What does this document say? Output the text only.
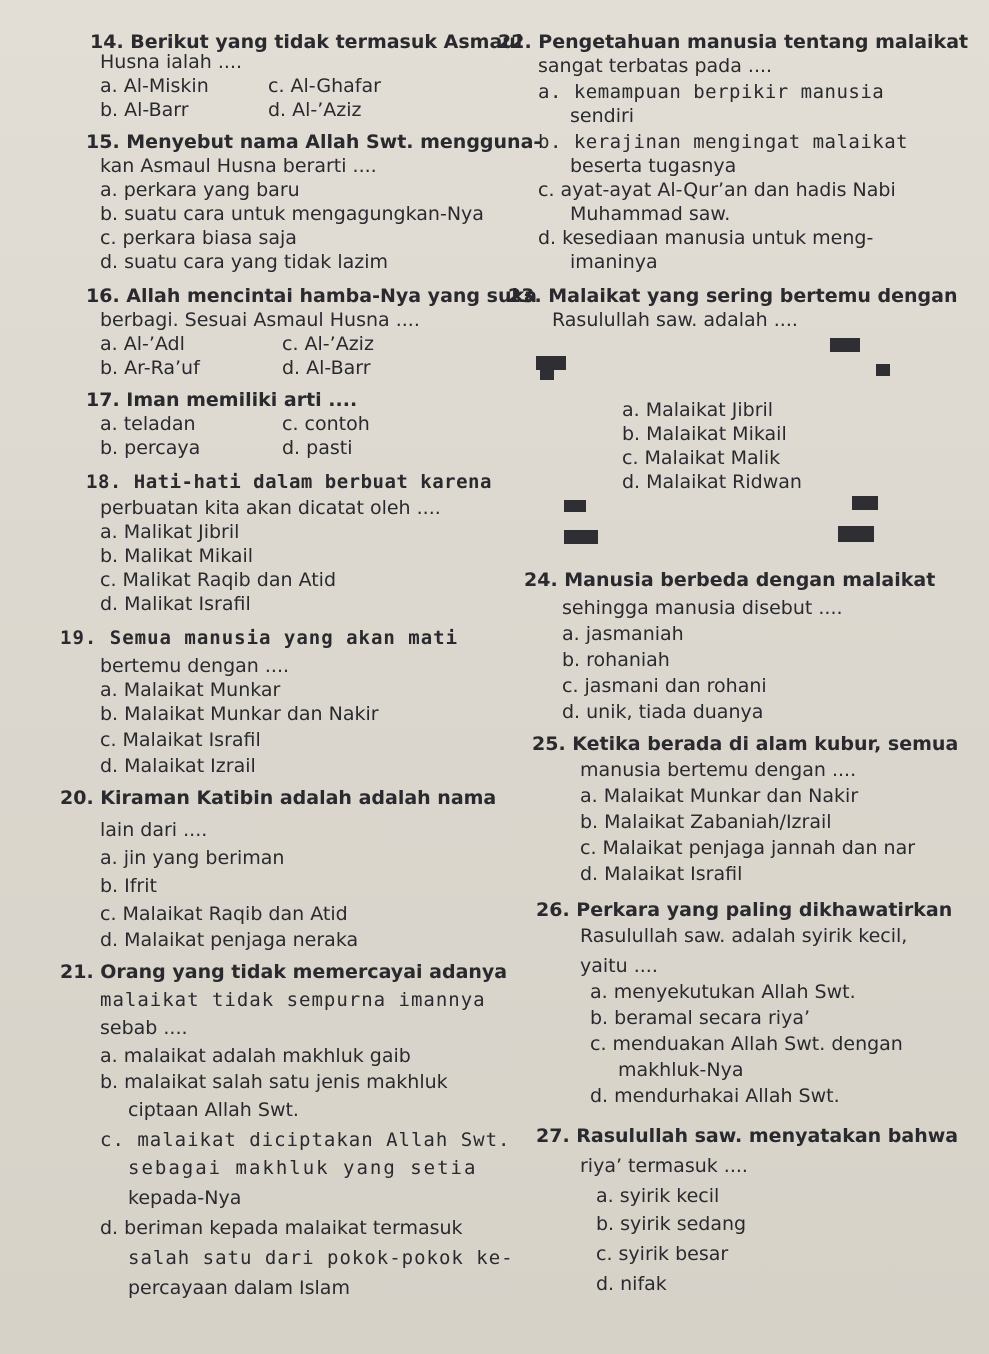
14. Berikut yang tidak termasuk Asmaul
Husna ialah ....
a. Al-Miskin	c. Al-Ghafar
b. Al-Barr	d. Al-’Aziz
15. Menyebut nama Allah Swt. mengguna-
kan Asmaul Husna berarti ....
a. perkara yang baru
b. suatu cara untuk mengagungkan-Nya
c. perkara biasa saja
d. suatu cara yang tidak lazim
16. Allah mencintai hamba-Nya yang suka
berbagi. Sesuai Asmaul Husna ....
a. Al-’Adl	c. Al-’Aziz
b. Ar-Ra’uf	d. Al-Barr
17. Iman memiliki arti ....
a. teladan	c. contoh
b. percaya	d. pasti
18. Hati-hati dalam berbuat karena
perbuatan kita akan dicatat oleh ....
a. Malikat Jibril
b. Malikat Mikail
c. Malikat Raqib dan Atid
d. Malikat Israfil
19. Semua manusia yang akan mati
bertemu dengan ....
a. Malaikat Munkar
b. Malaikat Munkar dan Nakir
c. Malaikat Israfil
d. Malaikat Izrail
20. Kiraman Katibin adalah adalah nama
lain dari ....
a. jin yang beriman
b. Ifrit
c. Malaikat Raqib dan Atid
d. Malaikat penjaga neraka
21. Orang yang tidak memercayai adanya
malaikat tidak sempurna imannya
sebab ....
a. malaikat adalah makhluk gaib
b. malaikat salah satu jenis makhluk
ciptaan Allah Swt.
c. malaikat diciptakan Allah Swt.
sebagai makhluk yang setia
kepada-Nya
d. beriman kepada malaikat termasuk
salah satu dari pokok-pokok ke-
percayaan dalam Islam
22. Pengetahuan manusia tentang malaikat
sangat terbatas pada ....
a. kemampuan berpikir manusia
sendiri
b. kerajinan mengingat malaikat
beserta tugasnya
c. ayat-ayat Al-Qur’an dan hadis Nabi
Muhammad saw.
d. kesediaan manusia untuk meng-
imaninya
23. Malaikat yang sering bertemu dengan
Rasulullah saw. adalah ....
a. Malaikat Jibril
b. Malaikat Mikail
c. Malaikat Malik
d. Malaikat Ridwan
24. Manusia berbeda dengan malaikat
sehingga manusia disebut ....
a. jasmaniah
b. rohaniah
c. jasmani dan rohani
d. unik, tiada duanya
25. Ketika berada di alam kubur, semua
manusia bertemu dengan ....
a. Malaikat Munkar dan Nakir
b. Malaikat Zabaniah/Izrail
c. Malaikat penjaga jannah dan nar
d. Malaikat Israfil
26. Perkara yang paling dikhawatirkan
Rasulullah saw. adalah syirik kecil,
yaitu ....
a. menyekutukan Allah Swt.
b. beramal secara riya’
c. menduakan Allah Swt. dengan
makhluk-Nya
d. mendurhakai Allah Swt.
27. Rasulullah saw. menyatakan bahwa
riya’ termasuk ....
a. syirik kecil
b. syirik sedang
c. syirik besar
d. nifak
